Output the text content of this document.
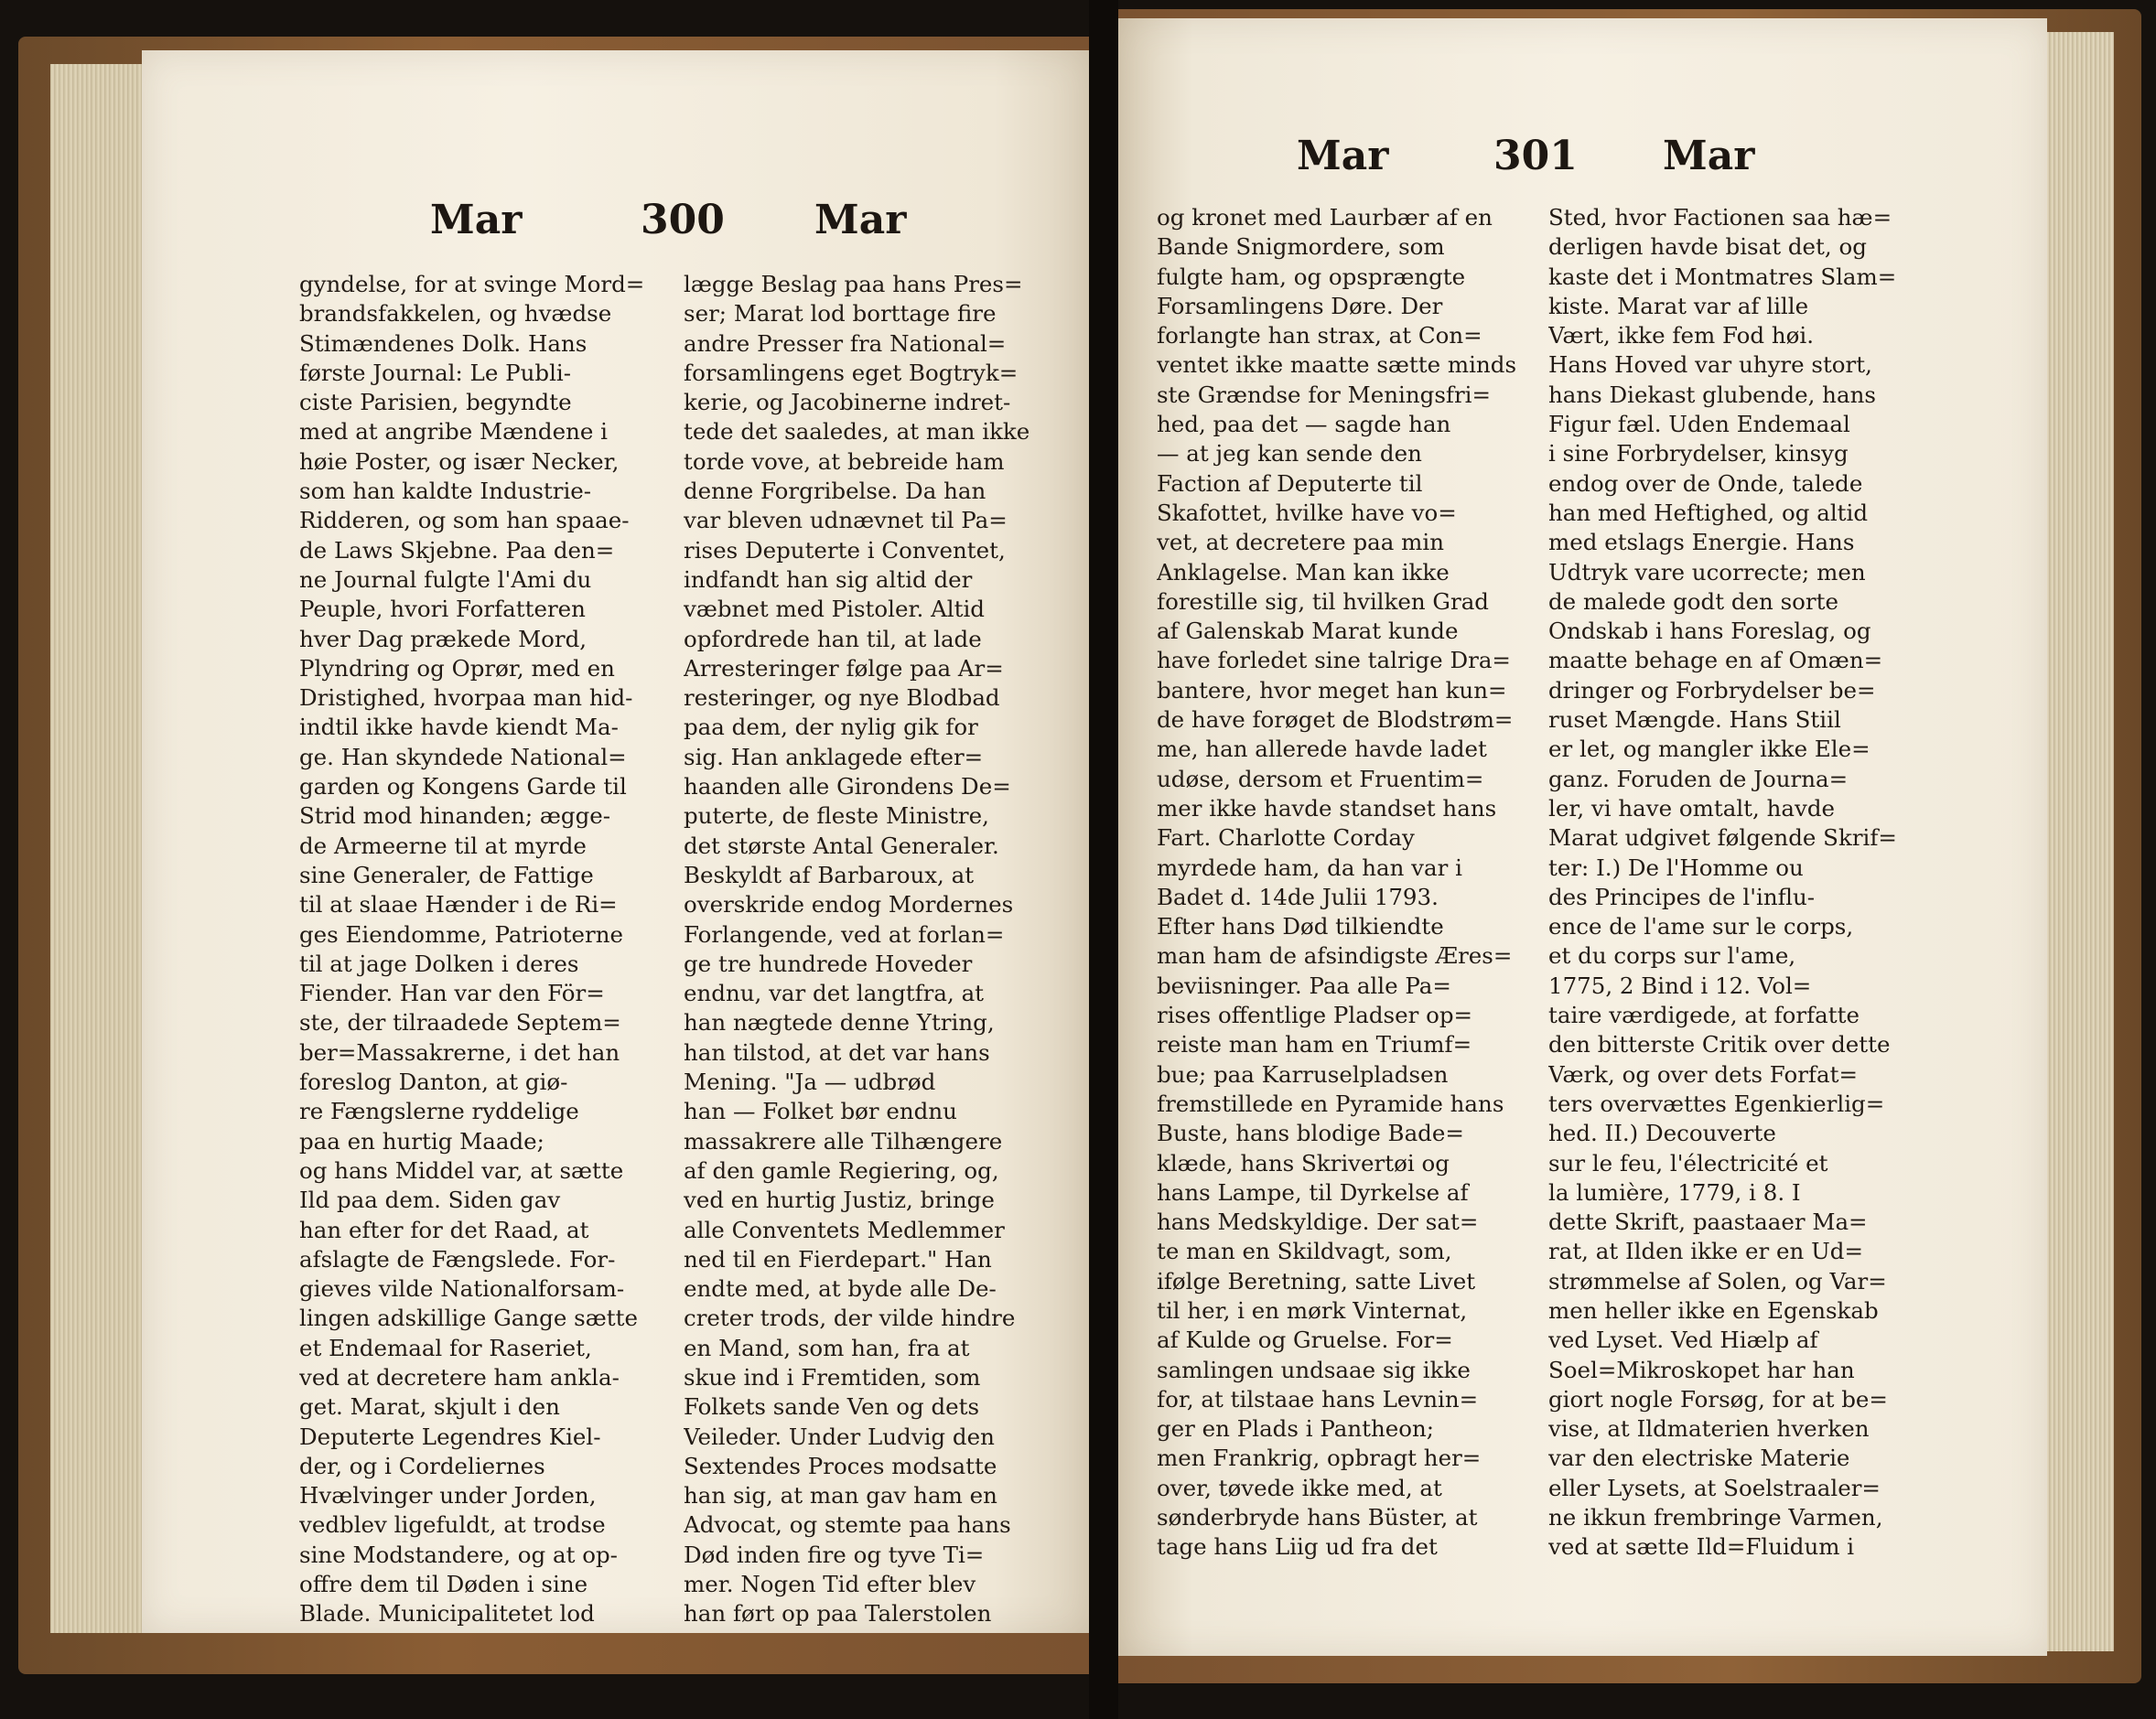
Mar	300 Mar
gyndelse, for at svinge Mord=
brandsfakkelen, og hvædse
Stimændenes Dolk. Hans
første Journal: Le Publi-
ciste Parisien, begyndte
med at angribe Mændene i
høie Poster, og især Necker,
som han kaldte Industrie-
Ridderen, og som han spaae-
de Laws Skjebne. Paa den=
ne Journal fulgte l'Ami du
Peuple, hvori Forfatteren
hver Dag prækede Mord,
Plyndring og Oprør, med en
Dristighed, hvorpaa man hid-
indtil ikke havde kiendt Ma-
ge. Han skyndede National=
garden og Kongens Garde til
Strid mod hinanden; ægge-
de Armeerne til at myrde
sine Generaler, de Fattige
til at slaae Hænder i de Ri=
ges Eiendomme, Patrioterne
til at jage Dolken i deres
Fiender. Han var den För=
ste, der tilraadede Septem=
ber=Massakrerne, i det han
foreslog Danton, at giø-
re Fængslerne ryddelige
paa en hurtig Maade;
og hans Middel var, at sætte
Ild paa dem. Siden gav
han efter for det Raad, at
afslagte de Fængslede. For-
gieves vilde Nationalforsam-
lingen adskillige Gange sætte
et Endemaal for Raseriet,
ved at decretere ham ankla-
get. Marat, skjult i den
Deputerte Legendres Kiel-
der, og i Cordeliernes
Hvælvinger under Jorden,
vedblev ligefuldt, at trodse
sine Modstandere, og at op-
offre dem til Døden i sine
Blade. Municipalitetet lod
lægge Beslag paa hans Pres=
ser; Marat lod borttage fire
andre Presser fra National=
forsamlingens eget Bogtryk=
kerie, og Jacobinerne indret-
tede det saaledes, at man ikke
torde vove, at bebreide ham
denne Forgribelse. Da han
var bleven udnævnet til Pa=
rises Deputerte i Conventet,
indfandt han sig altid der
væbnet med Pistoler. Altid
opfordrede han til, at lade
Arresteringer følge paa Ar=
resteringer, og nye Blodbad
paa dem, der nylig gik for
sig. Han anklagede efter=
haanden alle Girondens De=
puterte, de fleste Ministre,
det største Antal Generaler.
Beskyldt af Barbaroux, at
overskride endog Mordernes
Forlangende, ved at forlan=
ge tre hundrede Hoveder
endnu, var det langtfra, at
han nægtede denne Ytring,
han tilstod, at det var hans
Mening. "Ja — udbrød
han — Folket bør endnu
massakrere alle Tilhængere
af den gamle Regiering, og,
ved en hurtig Justiz, bringe
alle Conventets Medlemmer
ned til en Fierdepart." Han
endte med, at byde alle De-
creter trods, der vilde hindre
en Mand, som han, fra at
skue ind i Fremtiden, som
Folkets sande Ven og dets
Veileder. Under Ludvig den
Sextendes Proces modsatte
han sig, at man gav ham en
Advocat, og stemte paa hans
Død inden fire og tyve Ti=
mer. Nogen Tid efter blev
han ført op paa Talerstolen
Mar	301 Mar
og kronet med Laurbær af en
Bande Snigmordere, som
fulgte ham, og opsprængte
Forsamlingens Døre. Der
forlangte han strax, at Con=
ventet ikke maatte sætte minds
ste Grændse for Meningsfri=
hed, paa det — sagde han
— at jeg kan sende den
Faction af Deputerte til
Skafottet, hvilke have vo=
vet, at decretere paa min
Anklagelse. Man kan ikke
forestille sig, til hvilken Grad
af Galenskab Marat kunde
have forledet sine talrige Dra=
bantere, hvor meget han kun=
de have forøget de Blodstrøm=
me, han allerede havde ladet
udøse, dersom et Fruentim=
mer ikke havde standset hans
Fart. Charlotte Corday
myrdede ham, da han var i
Badet d. 14de Julii 1793.
Efter hans Død tilkiendte
man ham de afsindigste Æres=
beviisninger. Paa alle Pa=
rises offentlige Pladser op=
reiste man ham en Triumf=
bue; paa Karruselpladsen
fremstillede en Pyramide hans
Buste, hans blodige Bade=
klæde, hans Skrivertøi og
hans Lampe, til Dyrkelse af
hans Medskyldige. Der sat=
te man en Skildvagt, som,
ifølge Beretning, satte Livet
til her, i en mørk Vinternat,
af Kulde og Gruelse. For=
samlingen undsaae sig ikke
for, at tilstaae hans Levnin=
ger en Plads i Pantheon;
men Frankrig, opbragt her=
over, tøvede ikke med, at
sønderbryde hans Büster, at
tage hans Liig ud fra det
Sted, hvor Factionen saa hæ=
derligen havde bisat det, og
kaste det i Montmatres Slam=
kiste. Marat var af lille
Vært, ikke fem Fod høi.
Hans Hoved var uhyre stort,
hans Diekast glubende, hans
Figur fæl. Uden Endemaal
i sine Forbrydelser, kinsyg
endog over de Onde, talede
han med Heftighed, og altid
med etslags Energie. Hans
Udtryk vare ucorrecte; men
de malede godt den sorte
Ondskab i hans Foreslag, og
maatte behage en af Omæn=
dringer og Forbrydelser be=
ruset Mængde. Hans Stiil
er let, og mangler ikke Ele=
ganz. Foruden de Journa=
ler, vi have omtalt, havde
Marat udgivet følgende Skrif=
ter: I.) De l'Homme ou
des Principes de l'influ-
ence de l'ame sur le corps,
et du corps sur l'ame,
1775, 2 Bind i 12. Vol=
taire værdigede, at forfatte
den bitterste Critik over dette
Værk, og over dets Forfat=
ters overvættes Egenkierlig=
hed. II.) Decouverte
sur le feu, l'électricité et
la lumière, 1779, i 8. I
dette Skrift, paastaaer Ma=
rat, at Ilden ikke er en Ud=
strømmelse af Solen, og Var=
men heller ikke en Egenskab
ved Lyset. Ved Hiælp af
Soel=Mikroskopet har han
giort nogle Forsøg, for at be=
vise, at Ildmaterien hverken
var den electriske Materie
eller Lysets, at Soelstraaler=
ne ikkun frembringe Varmen,
ved at sætte Ild=Fluidum i
